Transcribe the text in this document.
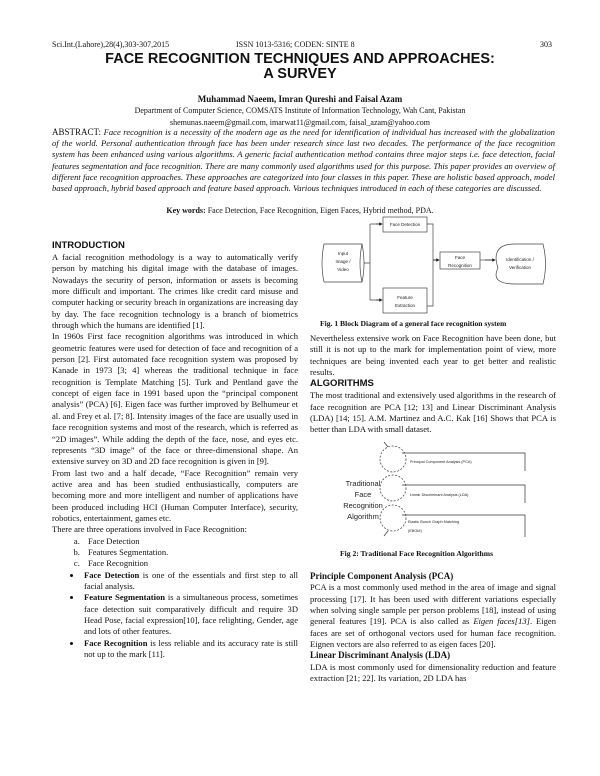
Sci.Int.(Lahore),28(4),303-307,2015	ISSN 1013-5316; CODEN: SINTE 8	303
FACE RECOGNITION TECHNIQUES AND APPROACHES:
A SURVEY
Muhammad Naeem, Imran Qureshi and Faisal Azam
Department of Computer Science, COMSATS Institute of Information Technology, Wah Cant, Pakistan
shemunas.naeem@gmail.com, imarwat11@gmail.com, faisal_azam@yahoo.com
ABSTRACT: Face recognition is a necessity of the modern age as the need for identification of individual has increased with the globalization of the world. Personal authentication through face has been under research since last two decades. The performance of the face recognition system has been enhanced using various algorithms. A generic facial authentication method contains three major steps i.e. face detection, facial features segmentation and face recognition. There are many commonly used algorithms used for this purpose. This paper provides an overview of different face recognition approaches. These approaches are categorized into four classes in this paper. These are holistic based approach, model based approach, hybrid based approach and feature based approach. Various techniques introduced in each of these categories are discussed.
Key words: Face Detection, Face Recognition, Eigen Faces, Hybrid method, PDA.
INTRODUCTION

A facial recognition methodology is a way to automatically verify person by matching his digital image with the database of images. Nowadays the security of person, information or assets is becoming more difficult and important. The crimes like credit card misuse and computer hacking or security breach in organizations are increasing day by day. The face recognition technology is a branch of biometrics through which the humans are identified [1].

In 1960s First face recognition algorithms was introduced in which geometric features were used for detection of face and recognition of a person [2]. First automated face recognition system was proposed by Kanade in 1973 [3; 4] whereas the traditional technique in face recognition is Template Matching [5]. Turk and Pentland gave the concept of eigen face in 1991 based upon the “principal component analysis” (PCA) [6]. Eigen face was further improved by Belhumeur et al. and Frey et al. [7; 8]. Intensity images of the face are usually used in face recognition systems and most of the research, which is referred as “2D images”. While adding the depth of the face, nose, and eyes etc. represents “3D image” of the face or three-dimensional shape. An extensive survey on 3D and 2D face recognition is given in [9].

From last two and a half decade, “Face Recognition” remain very active area and has been studied enthusiastically, computers are becoming more and more intelligent and number of applications have been produced including HCI (Human Computer Interface), security, robotics, entertainment, games etc.

There are three operations involved in Face Recognition:

a. Face Detection
b. Features Segmentation.
c. Face Recognition
• Face Detection is one of the essentials and first step to all facial analysis.
• Feature Segmentation is a simultaneous process, sometimes face detection suit comparatively difficult and require 3D Head Pose, facial expression[10], face relighting, Gender, age and lots of other features.
• Face Recognition is less reliable and its accuracy rate is still not up to the mark [11].
Input
Image /
Video
Face Detection
Feature
Extraction
Face
Recognition
Identification /
Verification
Fig. 1 Block Diagram of a general face recognition system

Nevertheless extensive work on Face Recognition have been done, but still it is not up to the mark for implementation point of view, more techniques are being invented each year to get better and realistic results.

ALGORITHMS

The most traditional and extensively used algorithms in the research of face recognition are PCA [12; 13] and Linear Discriminant Analysis (LDA) [14; 15]. A.M. Martinez and A.C. Kak [16] Shows that PCA is better than LDA with small dataset.

Traditional
Face
Recognition
Algorithm
Principal Component Analysis (PCA)
Linear Discriminant Analysis (LDA)
Elastic Bunch Graph Matching
(EBGM)
Fig 2: Traditional Face Recognition Algorithms
Principle Component Analysis (PCA)

PCA is a most commonly used method in the area of image and signal processing [17]. It has been used with different variations especially when solving single sample per person problems [18], instead of using general features [19]. PCA is also called as Eigen faces[13]. Eigen faces are set of orthogonal vectors used for human face recognition. Eignen vectors are also referred to as eigen faces [20].

Linear Discriminant Analysis (LDA)

LDA is most commonly used for dimensionality reduction and feature extraction [21; 22]. Its variation, 2D LDA has
